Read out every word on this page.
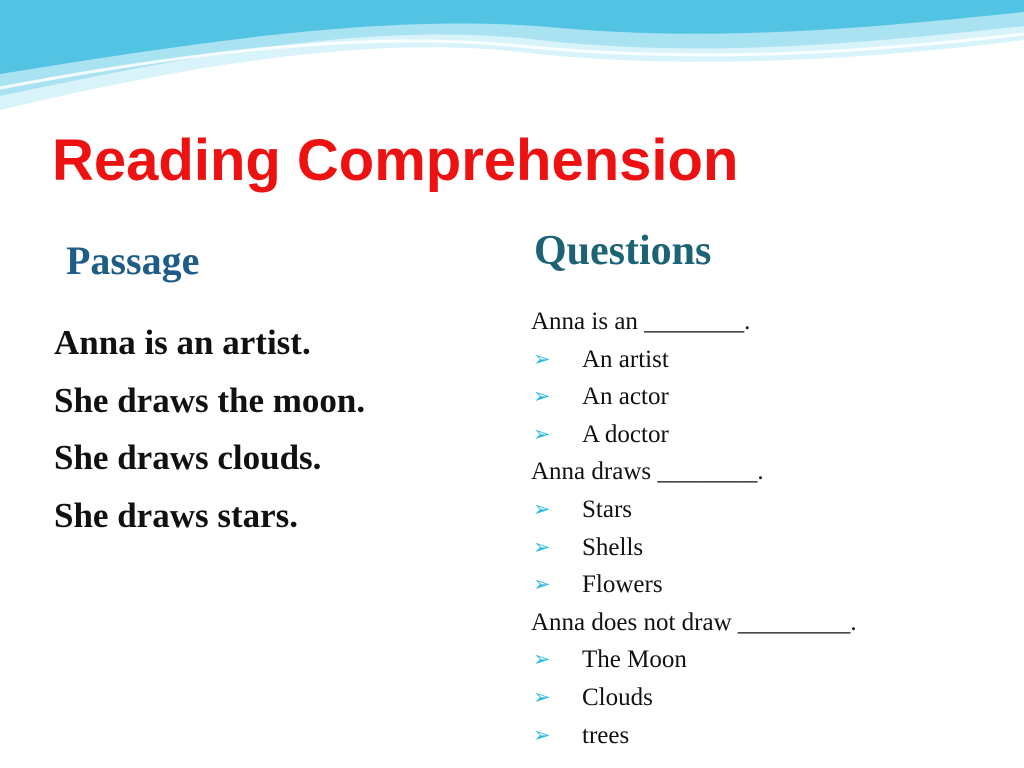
Reading Comprehension
Passage	Questions
Anna is an artist.
She draws the moon.
She draws clouds.
She draws stars.
Anna is an ________.
➢ An artist
➢ An actor
➢ A doctor
Anna draws ________.
➢ Stars
➢ Shells
➢ Flowers
Anna does not draw _________.
➢ The Moon
➢ Clouds
➢ trees
